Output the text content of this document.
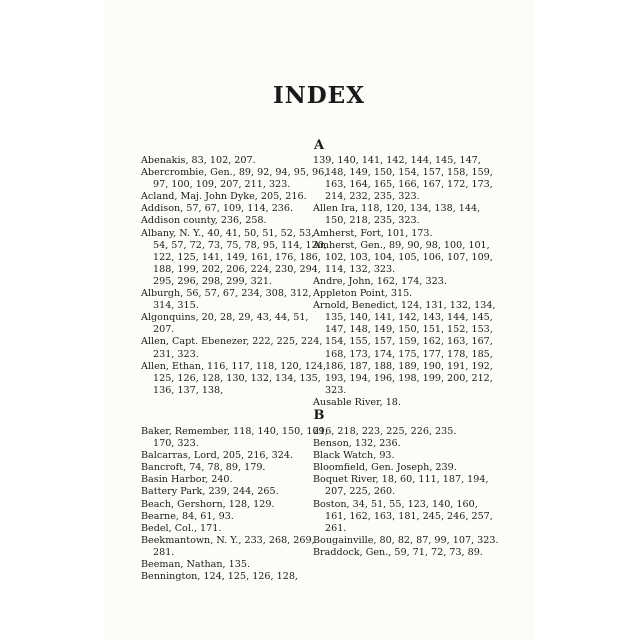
INDEX
A

Abenakis, 83, 102, 207.

Abercrombie, Gen., 89, 92, 94, 95, 96, 97, 100, 109, 207, 211, 323.

Acland, Maj. John Dyke, 205, 216.

Addison, 57, 67, 109, 114, 236.

Addison county, 236, 258.

Albany, N. Y., 40, 41, 50, 51, 52, 53, 54, 57, 72, 73, 75, 78, 95, 114, 120, 122, 125, 141, 149, 161, 176, 186, 188, 199, 202, 206, 224, 230, 294, 295, 296, 298, 299, 321.

Alburgh, 56, 57, 67, 234, 308, 312, 314, 315.

Algonquins, 20, 28, 29, 43, 44, 51, 207.

Allen, Capt. Ebenezer, 222, 225, 224, 231, 323.

Allen, Ethan, 116, 117, 118, 120, 124, 125, 126, 128, 130, 132, 134, 135, 136, 137, 138,

139, 140, 141, 142, 144, 145, 147, 148, 149, 150, 154, 157, 158, 159, 163, 164, 165, 166, 167, 172, 173, 214, 232, 235, 323.

Allen Ira, 118, 120, 134, 138, 144, 150, 218, 235, 323.

Amherst, Fort, 101, 173.

Amherst, Gen., 89, 90, 98, 100, 101, 102, 103, 104, 105, 106, 107, 109, 114, 132, 323.

Andre, John, 162, 174, 323.

Appleton Point, 315.

Arnold, Benedict, 124, 131, 132, 134, 135, 140, 141, 142, 143, 144, 145, 147, 148, 149, 150, 151, 152, 153, 154, 155, 157, 159, 162, 163, 167, 168, 173, 174, 175, 177, 178, 185, 186, 187, 188, 189, 190, 191, 192, 193, 194, 196, 198, 199, 200, 212, 323.

Ausable River, 18.

B

Baker, Remember, 118, 140, 150, 169, 170, 323.

Balcarras, Lord, 205, 216, 324.

Bancroft, 74, 78, 89, 179.

Basin Harbor, 240.

Battery Park, 239, 244, 265.

Beach, Gershorn, 128, 129.

Bearne, 84, 61, 93.

Bedel, Col., 171.

Beekmantown, N. Y., 233, 268, 269, 281.

Beeman, Nathan, 135.

Bennington, 124, 125, 126, 128,

216, 218, 223, 225, 226, 235.

Benson, 132, 236.

Black Watch, 93.

Bloomfield, Gen. Joseph, 239.

Boquet River, 18, 60, 111, 187, 194, 207, 225, 260.

Boston, 34, 51, 55, 123, 140, 160, 161, 162, 163, 181, 245, 246, 257, 261.

Bougainville, 80, 82, 87, 99, 107, 323.

Braddock, Gen., 59, 71, 72, 73, 89.
